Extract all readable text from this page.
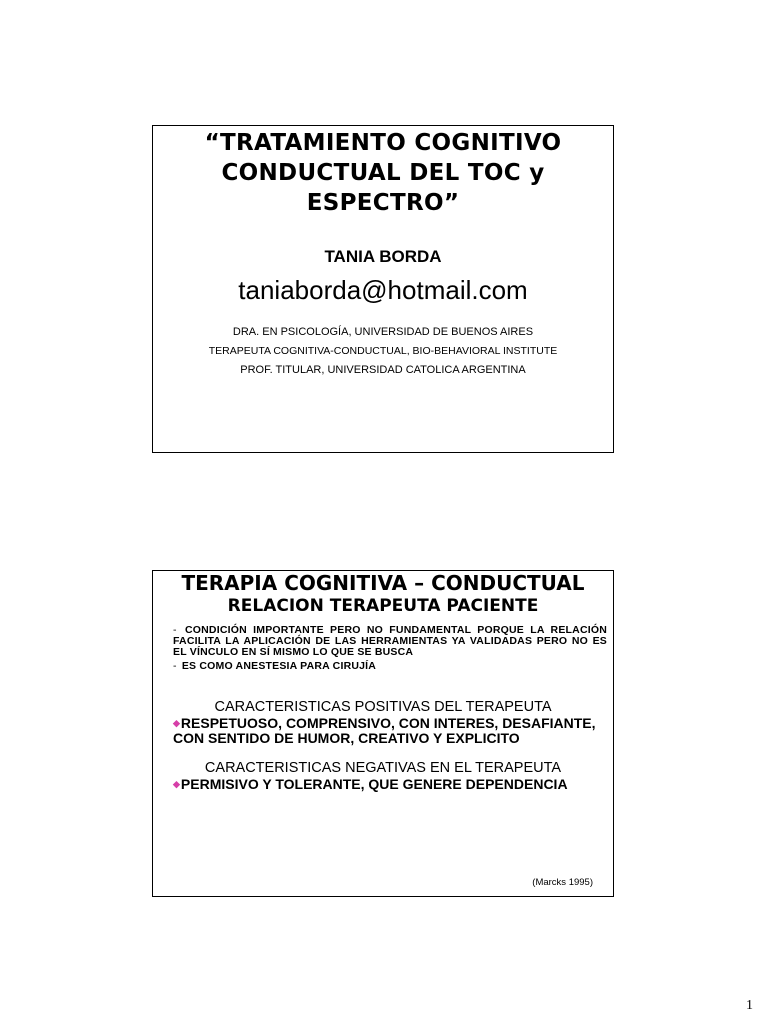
“TRATAMIENTO COGNITIVO CONDUCTUAL DEL TOC y ESPECTRO”
TANIA BORDA
taniaborda@hotmail.com
DRA. EN PSICOLOGÍA, UNIVERSIDAD DE BUENOS AIRES
TERAPEUTA COGNITIVA-CONDUCTUAL, BIO-BEHAVIORAL INSTITUTE
PROF. TITULAR, UNIVERSIDAD CATOLICA ARGENTINA
TERAPIA COGNITIVA – CONDUCTUAL
RELACION TERAPEUTA PACIENTE
- CONDICIÓN IMPORTANTE PERO NO FUNDAMENTAL PORQUE LA RELACIÓN FACILITA LA APLICACIÓN DE LAS HERRAMIENTAS YA VALIDADAS PERO NO ES EL VÍNCULO EN SÍ MISMO LO QUE SE BUSCA
- ES COMO ANESTESIA PARA CIRUJÍA
CARACTERISTICAS POSITIVAS DEL TERAPEUTA
◆RESPETUOSO, COMPRENSIVO, CON INTERES, DESAFIANTE, CON SENTIDO DE HUMOR, CREATIVO Y EXPLICITO
CARACTERISTICAS NEGATIVAS EN EL TERAPEUTA
◆PERMISIVO Y TOLERANTE, QUE GENERE DEPENDENCIA
(Marcks 1995)
1
